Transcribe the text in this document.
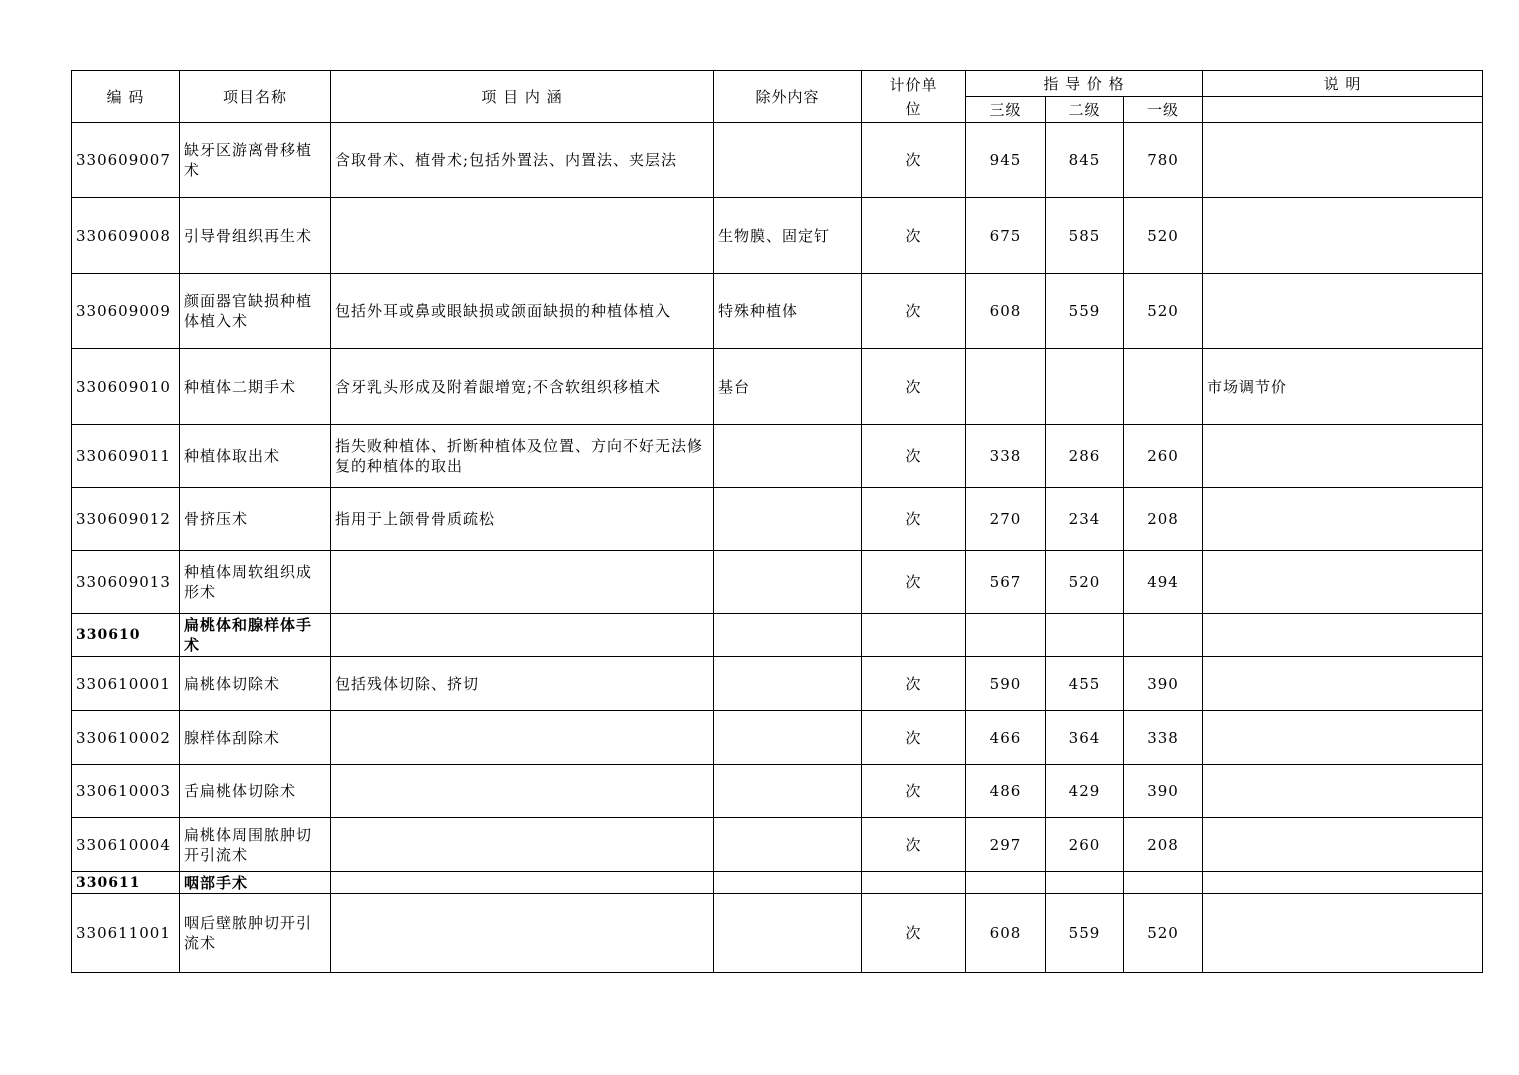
编 码	项目名称	项 目 内 涵	除外内容	计价单位	指 导 价 格			说 明
					三级	二级	一级	
330609007	缺牙区游离骨移植术	含取骨术、植骨术;包括外置法、内置法、夹层法		次	945	845	780	
330609008	引导骨组织再生术		生物膜、固定钉	次	675	585	520	
330609009	颜面器官缺损种植体植入术	包括外耳或鼻或眼缺损或颌面缺损的种植体植入	特殊种植体	次	608	559	520	
330609010	种植体二期手术	含牙乳头形成及附着龈增宽;不含软组织移植术	基台	次				市场调节价
330609011	种植体取出术	指失败种植体、折断种植体及位置、方向不好无法修复的种植体的取出		次	338	286	260	
330609012	骨挤压术	指用于上颌骨骨质疏松		次	270	234	208	
330609013	种植体周软组织成形术			次	567	520	494	
330610	扁桃体和腺样体手术							
330610001	扁桃体切除术	包括残体切除、挤切		次	590	455	390	
330610002	腺样体刮除术			次	466	364	338	
330610003	舌扁桃体切除术			次	486	429	390	
330610004	扁桃体周围脓肿切开引流术			次	297	260	208	
330611	咽部手术							
330611001	咽后壁脓肿切开引流术			次	608	559	520	
